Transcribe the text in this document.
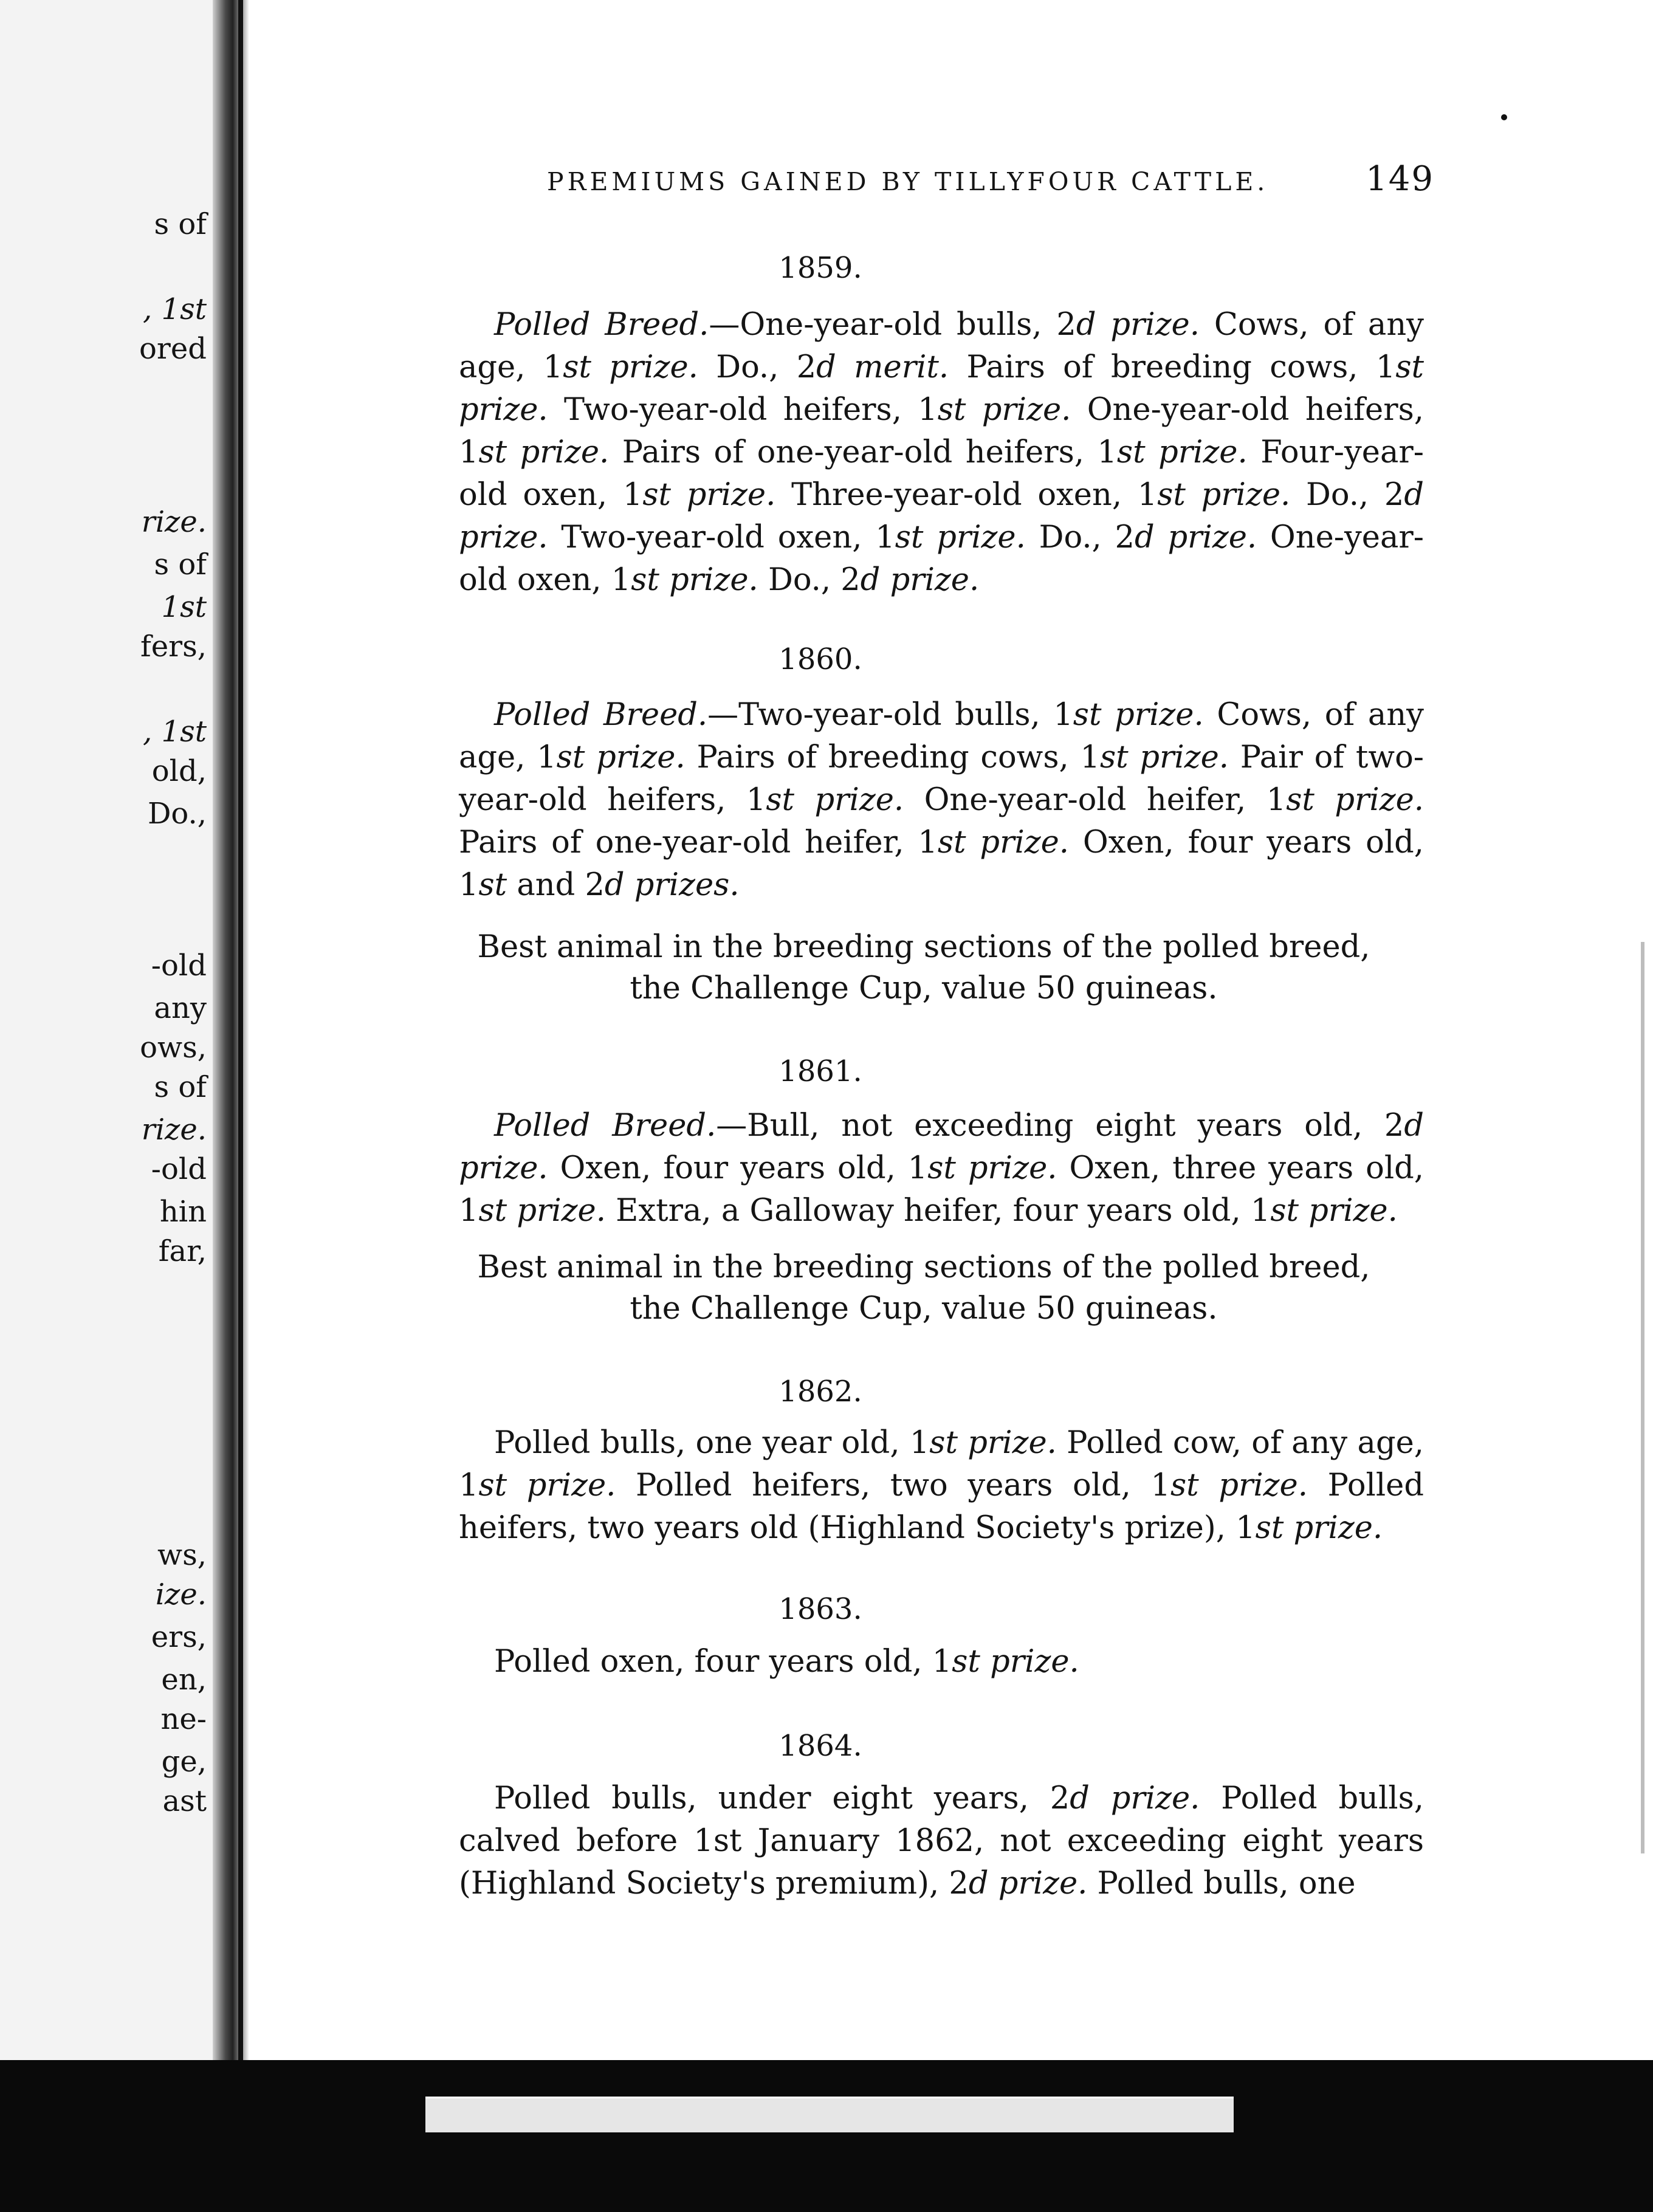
s of
, 1st
ored
rize.
s of
1st
fers,
, 1st
old,
Do.,
-old
any
ows,
s of
rize.
-old
hin
far,
ws,
ize.
ers,
en,
ne-
ge,
ast
PREMIUMS GAINED BY TILLYFOUR CATTLE.	149
1859.
Polled Breed.—One-year-old bulls, 2d prize. Cows, of any age, 1st prize. Do., 2d merit. Pairs of breeding cows, 1st prize. Two-year-old heifers, 1st prize. One-year-old heifers, 1st prize. Pairs of one-year-old heifers, 1st prize. Four-year-old oxen, 1st prize. Three-year-old oxen, 1st prize. Do., 2d prize. Two-year-old oxen, 1st prize. Do., 2d prize. One-year-old oxen, 1st prize. Do., 2d prize.
1860.
Polled Breed.—Two-year-old bulls, 1st prize. Cows, of any age, 1st prize. Pairs of breeding cows, 1st prize. Pair of two-year-old heifers, 1st prize. One-year-old heifer, 1st prize. Pairs of one-year-old heifer, 1st prize. Oxen, four years old, 1st and 2d prizes.
Best animal in the breeding sections of the polled breed,
the Challenge Cup, value 50 guineas.
1861.
Polled Breed.—Bull, not exceeding eight years old, 2d prize. Oxen, four years old, 1st prize. Oxen, three years old, 1st prize. Extra, a Galloway heifer, four years old, 1st prize.
Best animal in the breeding sections of the polled breed,
the Challenge Cup, value 50 guineas.
1862.
Polled bulls, one year old, 1st prize. Polled cow, of any age, 1st prize. Polled heifers, two years old, 1st prize. Polled heifers, two years old (Highland Society's prize), 1st prize.
1863.
Polled oxen, four years old, 1st prize.
1864.
Polled bulls, under eight years, 2d prize. Polled bulls, calved before 1st January 1862, not exceeding eight years (Highland Society's premium), 2d prize. Polled bulls, one
